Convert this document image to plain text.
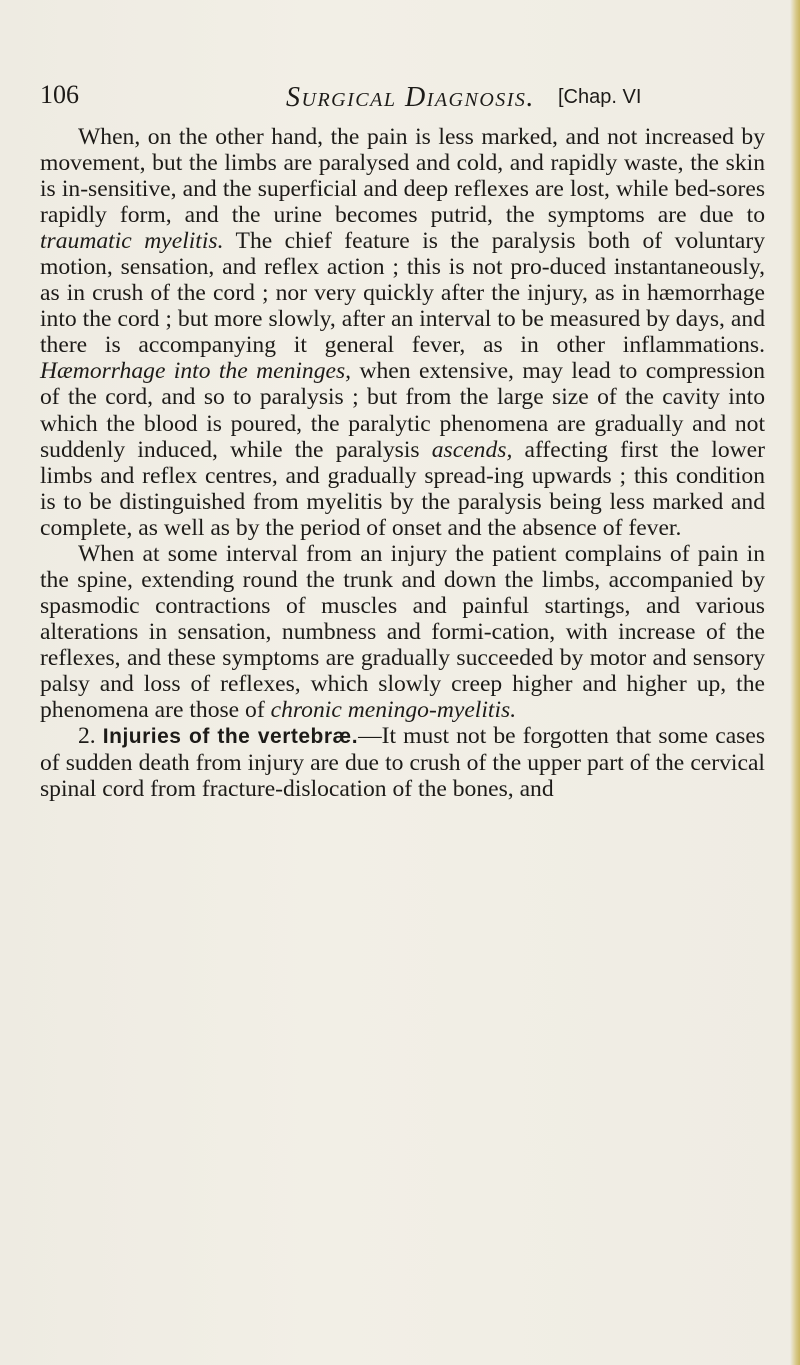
106	Surgical Diagnosis. [Chap. VI

When, on the other hand, the pain is less marked, and not increased by movement, but the limbs are paralysed and cold, and rapidly waste, the skin is in-sensitive, and the superficial and deep reflexes are lost, while bed-sores rapidly form, and the urine becomes putrid, the symptoms are due to traumatic myelitis. The chief feature is the paralysis both of voluntary motion, sensation, and reflex action ; this is not pro-duced instantaneously, as in crush of the cord ; nor very quickly after the injury, as in hæmorrhage into the cord ; but more slowly, after an interval to be measured by days, and there is accompanying it general fever, as in other inflammations. Hæmorrhage into the meninges, when extensive, may lead to compression of the cord, and so to paralysis ; but from the large size of the cavity into which the blood is poured, the paralytic phenomena are gradually and not suddenly induced, while the paralysis ascends, affecting first the lower limbs and reflex centres, and gradually spread-ing upwards ; this condition is to be distinguished from myelitis by the paralysis being less marked and complete, as well as by the period of onset and the absence of fever.

When at some interval from an injury the patient complains of pain in the spine, extending round the trunk and down the limbs, accompanied by spasmodic contractions of muscles and painful startings, and various alterations in sensation, numbness and formi-cation, with increase of the reflexes, and these symptoms are gradually succeeded by motor and sensory palsy and loss of reflexes, which slowly creep higher and higher up, the phenomena are those of chronic meningo-myelitis.

2. Injuries of the vertebræ.—It must not be forgotten that some cases of sudden death from injury are due to crush of the upper part of the cervical spinal cord from fracture-dislocation of the bones, and
